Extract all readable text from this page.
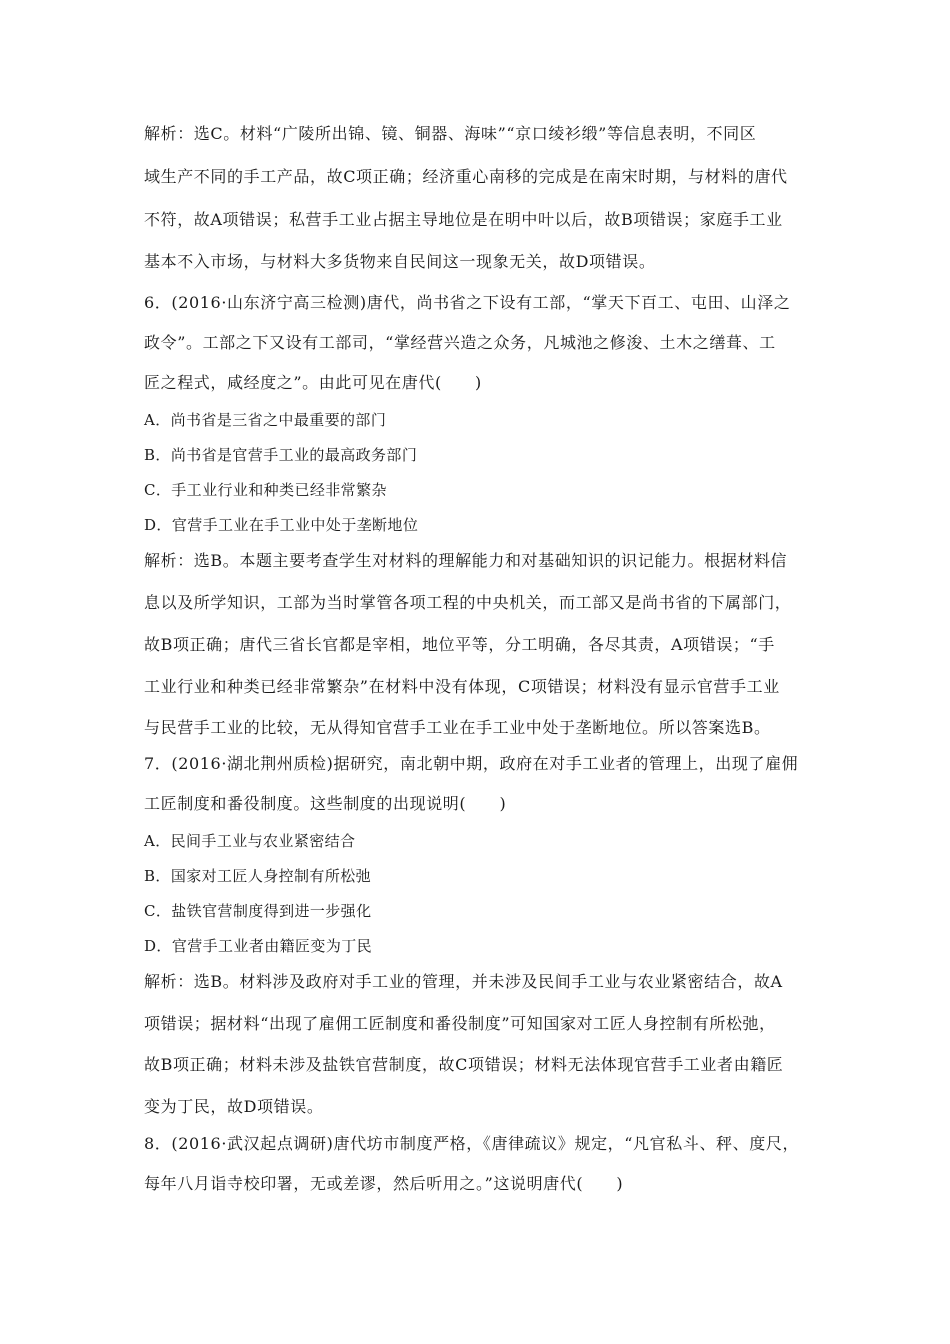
解析：选C。材料“广陵所出锦、镜、铜器、海味”“京口绫衫缎”等信息表明，不同区
域生产不同的手工产品，故C项正确；经济重心南移的完成是在南宋时期，与材料的唐代
不符，故A项错误；私营手工业占据主导地位是在明中叶以后，故B项错误；家庭手工业
基本不入市场，与材料大多货物来自民间这一现象无关，故D项错误。
6．(2016·山东济宁高三检测)唐代，尚书省之下设有工部，“掌天下百工、屯田、山泽之
政令”。工部之下又设有工部司，“掌经营兴造之众务，凡城池之修浚、土木之缮葺、工
匠之程式，咸经度之”。由此可见在唐代(　　)
A．尚书省是三省之中最重要的部门
B．尚书省是官营手工业的最高政务部门
C．手工业行业和种类已经非常繁杂
D．官营手工业在手工业中处于垄断地位
解析：选B。本题主要考查学生对材料的理解能力和对基础知识的识记能力。根据材料信
息以及所学知识，工部为当时掌管各项工程的中央机关，而工部又是尚书省的下属部门，
故B项正确；唐代三省长官都是宰相，地位平等，分工明确，各尽其责，A项错误；“手
工业行业和种类已经非常繁杂”在材料中没有体现，C项错误；材料没有显示官营手工业
与民营手工业的比较，无从得知官营手工业在手工业中处于垄断地位。所以答案选B。
7．(2016·湖北荆州质检)据研究，南北朝中期，政府在对手工业者的管理上，出现了雇佣
工匠制度和番役制度。这些制度的出现说明(　　)
A．民间手工业与农业紧密结合
B．国家对工匠人身控制有所松弛
C．盐铁官营制度得到进一步强化
D．官营手工业者由籍匠变为丁民
解析：选B。材料涉及政府对手工业的管理，并未涉及民间手工业与农业紧密结合，故A
项错误；据材料“出现了雇佣工匠制度和番役制度”可知国家对工匠人身控制有所松弛，
故B项正确；材料未涉及盐铁官营制度，故C项错误；材料无法体现官营手工业者由籍匠
变为丁民，故D项错误。
8．(2016·武汉起点调研)唐代坊市制度严格，《唐律疏议》规定，“凡官私斗、秤、度尺，
每年八月诣寺校印署，无或差谬，然后听用之。”这说明唐代(　　)
